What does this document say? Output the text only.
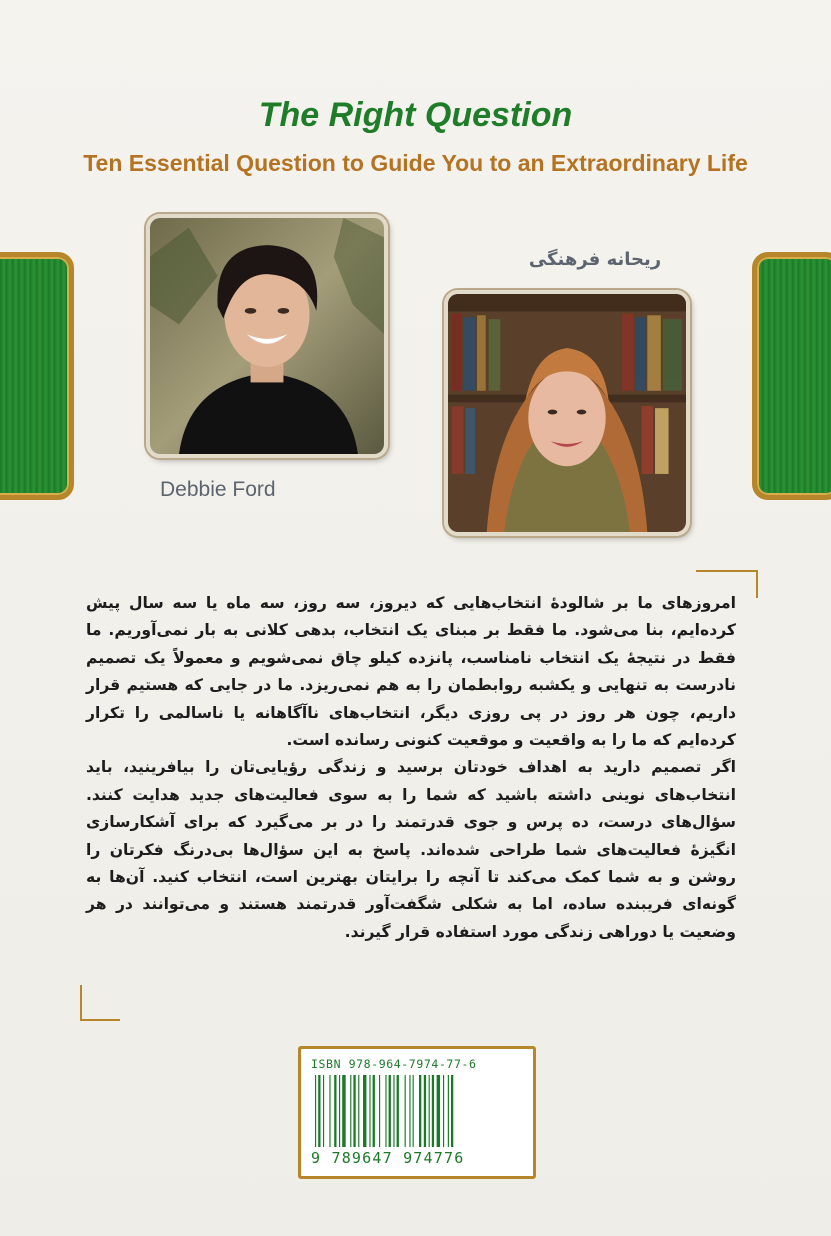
The Right Question
Ten Essential Question to Guide You to an Extraordinary Life
ریحانه فرهنگی
Debbie Ford

امروزهای ما بر شالودهٔ انتخاب‌هایی که دیروز، سه روز، سه ماه یا سه سال پیش کرده‌ایم، بنا می‌شود. ما فقط بر مبنای یک انتخاب، بدهی کلانی به بار نمی‌آوریم. ما فقط در نتیجهٔ یک انتخاب نامناسب، پانزده کیلو چاق نمی‌شویم و معمولاً یک تصمیم نادرست به تنهایی و یکشبه روابطمان را به هم نمی‌ریزد. ما در جایی که هستیم قرار داریم، چون هر روز در پی روزی دیگر، انتخاب‌های ناآگاهانه یا ناسالمی را تکرار کرده‌ایم که ما را به واقعیت و موقعیت کنونی رسانده است.

اگر تصمیم دارید به اهداف خودتان برسید و زندگی رؤیایی‌تان را بیافرینید، باید انتخاب‌های نوینی داشته باشید که شما را به سوی فعالیت‌های جدید هدایت کنند. سؤال‌های درست، ده پرس و جوی قدرتمند را در بر می‌گیرد که برای آشکارسازی انگیزهٔ فعالیت‌های شما طراحی شده‌اند. پاسخ به این سؤال‌ها بی‌درنگ فکرتان را روشن و به شما کمک می‌کند تا آنچه را برایتان بهترین است، انتخاب کنید. آن‌ها به گونه‌ای فریبنده ساده، اما به شکلی شگفت‌آور قدرتمند هستند و می‌توانند در هر وضعیت یا دوراهی زندگی مورد استفاده قرار گیرند.

ISBN 978-964-7974-77-6
9 789647 974776
